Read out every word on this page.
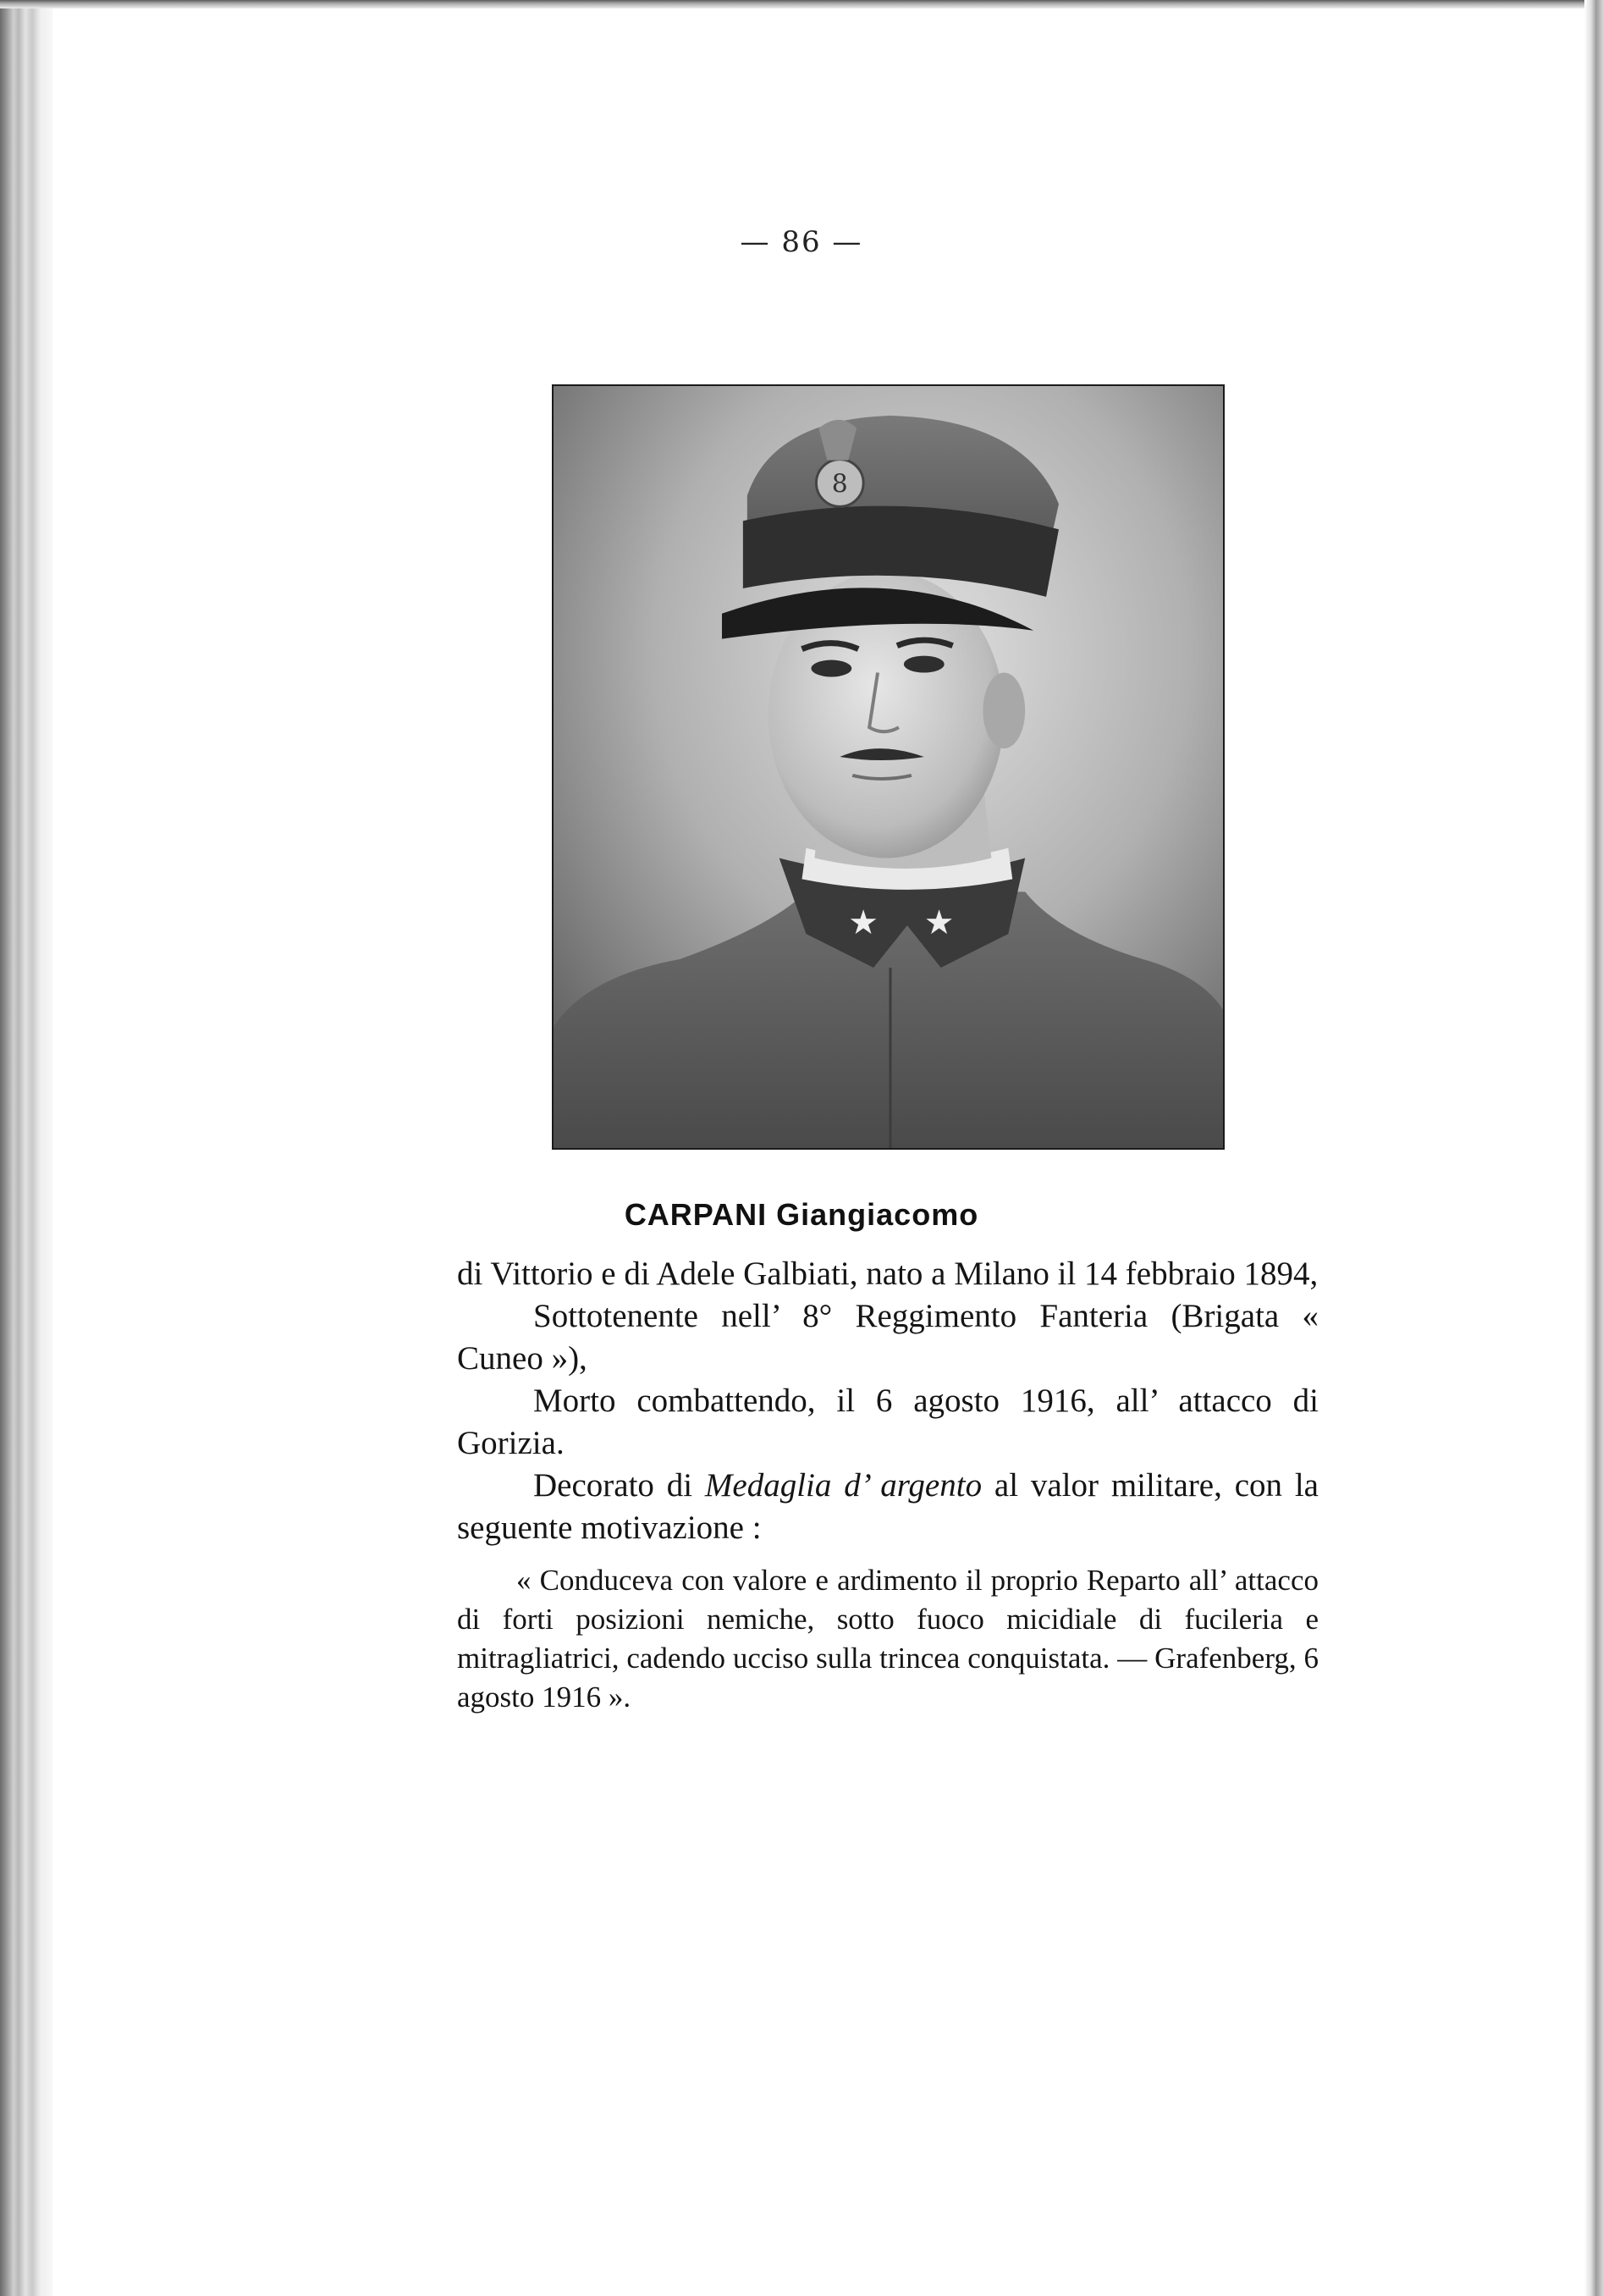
— 86 —
★ ★
8
CARPANI Giangiacomo

di Vittorio e di Adele Galbiati, nato a Milano il 14 febbraio 1894,

Sottotenente nell’ 8° Reggimento Fanteria (Brigata « Cuneo »),

Morto combattendo, il 6 agosto 1916, all’ attacco di Gorizia.

Decorato di Medaglia d’ argento al valor militare, con la seguente motivazione :

« Conduceva con valore e ardimento il proprio Reparto all’ attacco di forti posizioni nemiche, sotto fuoco micidiale di fucileria e mitragliatrici, cadendo ucciso sulla trincea conquistata. — Grafenberg, 6 agosto 1916 ».
